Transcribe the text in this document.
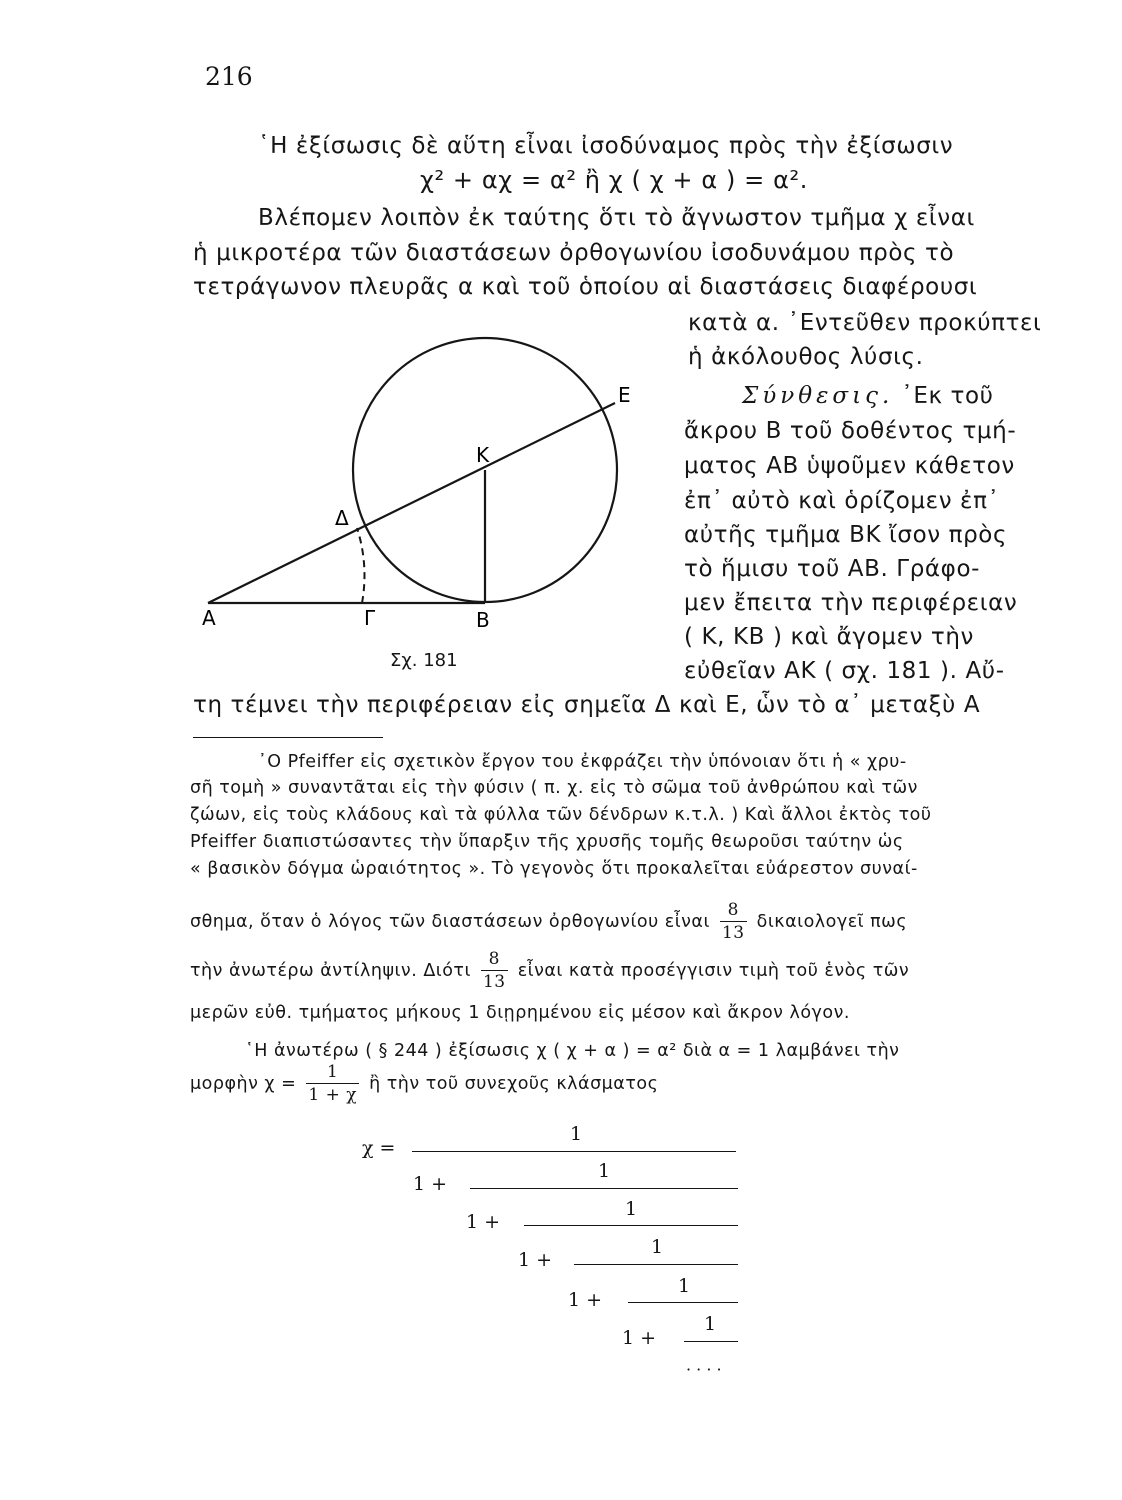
216
῾Η ἐξίσωσις δὲ αὕτη εἶναι ἰσοδύναμος πρὸς τὴν ἐξίσωσιν
χ² + αχ = α² ἢ χ ( χ + α ) = α².
Βλέπομεν λοιπὸν ἐκ ταύτης ὅτι τὸ ἄγνωστον τμῆμα χ εἶναι
ἡ μικροτέρα τῶν διαστάσεων ὀρθογωνίου ἰσοδυνάμου πρὸς τὸ
τετράγωνον πλευρᾶς α καὶ τοῦ ὁποίου αἱ διαστάσεις διαφέρουσι
κατὰ α. ᾿Εντεῦθεν προκύπτει
ἡ ἀκόλουθος λύσις.
Σύνθεσις. ᾿Εκ τοῦ
ἄκρου Β τοῦ δοθέντος τμή-
ματος ΑΒ ὑψοῦμεν κάθετον
ἐπ᾿ αὐτὸ καὶ ὁρίζομεν ἐπ᾿
αὐτῆς τμῆμα ΒΚ ἴσον πρὸς
τὸ ἥμισυ τοῦ ΑΒ. Γράφο-
μεν ἔπειτα τὴν περιφέρειαν
( Κ, ΚΒ ) καὶ ἄγομεν τὴν
εὐθεῖαν ΑΚ ( σχ. 181 ). Αὔ-
τη τέμνει τὴν περιφέρειαν εἰς σημεῖα Δ καὶ Ε, ὧν τὸ α᾿ μεταξὺ Α
Α	Β
Γ
Δ
Ε
Κ
Σχ. 181
᾿Ο Pfeiffer εἰς σχετικὸν ἔργον του ἐκφράζει τὴν ὑπόνοιαν ὅτι ἡ « χρυ-
σῆ τομὴ » συναντᾶται εἰς τὴν φύσιν ( π. χ. εἰς τὸ σῶμα τοῦ ἀνθρώπου καὶ τῶν
ζώων, εἰς τοὺς κλάδους καὶ τὰ φύλλα τῶν δένδρων κ.τ.λ. ) Καὶ ἄλλοι ἐκτὸς τοῦ
Pfeiffer διαπιστώσαντες τὴν ὕπαρξιν τῆς χρυσῆς τομῆς θεωροῦσι ταύτην ὡς
« βασικὸν δόγμα ὡραιότητος ». Τὸ γεγονὸς ὅτι προκαλεῖται εὐάρεστον συναί-
σθημα, ὅταν ὁ λόγος τῶν διαστάσεων ὀρθογωνίου εἶναι $\frac{8}{13}$ δικαιολογεῖ πως
τὴν ἀνωτέρω ἀντίληψιν. Διότι $\frac{8}{13}$ εἶναι κατὰ προσέγγισιν τιμὴ τοῦ ἑνὸς τῶν
μερῶν εὐθ. τμήματος μήκους 1 διῃρημένου εἰς μέσον καὶ ἄκρον λόγον.
῾Η ἀνωτέρω ( § 244 ) ἐξίσωσις χ ( χ + α ) = α² διὰ α = 1 λαμβάνει τὴν
μορφὴν $\chi = \frac{1}{1 + \chi}$ ἢ τὴν τοῦ συνεχοῦς κλάσματος
χ =
1
1 +
1
1 +
1
1 +
1
1 +
1
1 +
1
· · · ·
